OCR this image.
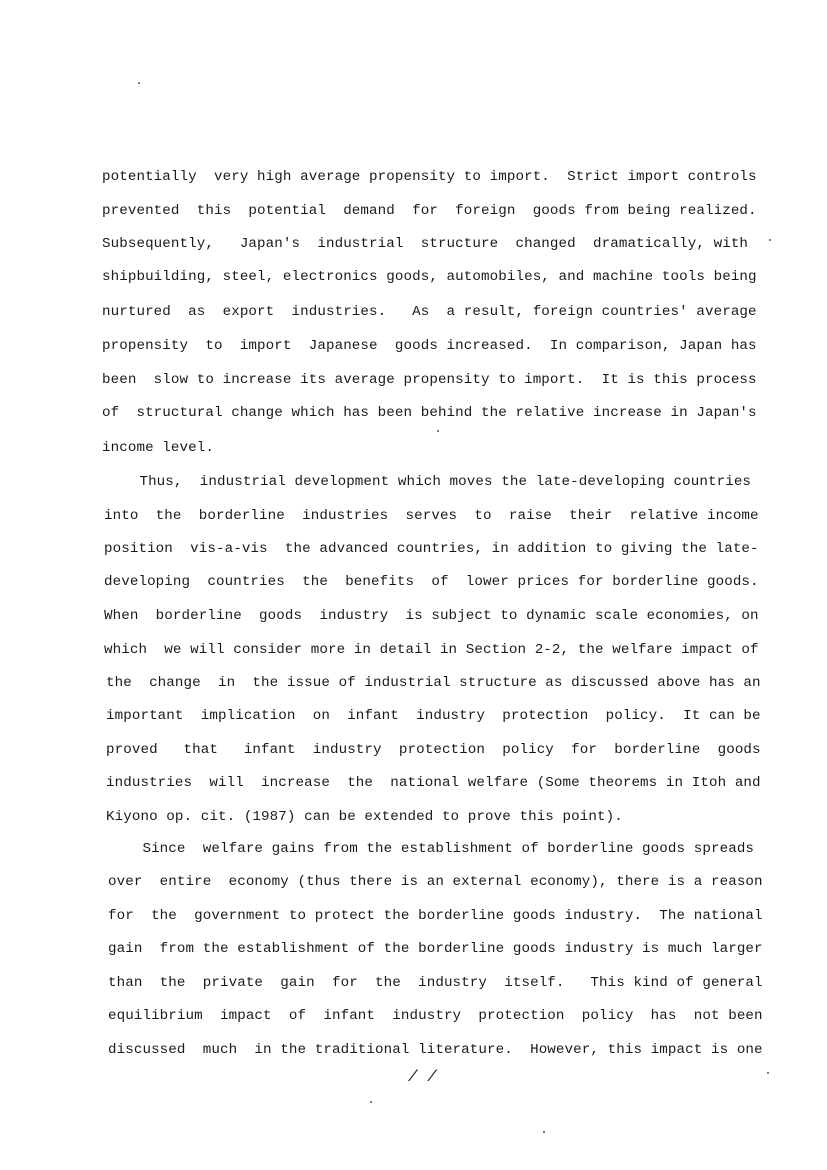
potentially  very high average propensity to import.  Strict import controls
prevented  this  potential  demand  for  foreign  goods from being realized.
Subsequently,   Japan's  industrial  structure  changed  dramatically, with
shipbuilding, steel, electronics goods, automobiles, and machine tools being
nurtured  as  export  industries.   As  a result, foreign countries' average
propensity  to  import  Japanese  goods increased.  In comparison, Japan has
been  slow to increase its average propensity to import.  It is this process
of  structural change which has been behind the relative increase in Japan's
income level.
Thus,  industrial development which moves the late-developing countries
into  the  borderline  industries  serves  to  raise  their  relative income
position  vis-a-vis  the advanced countries, in addition to giving the late-
developing  countries  the  benefits  of  lower prices for borderline goods.
When  borderline  goods  industry  is subject to dynamic scale economies, on
which  we will consider more in detail in Section 2-2, the welfare impact of
the  change  in  the issue of industrial structure as discussed above has an
important  implication  on  infant  industry  protection  policy.  It can be
proved   that   infant  industry  protection  policy  for  borderline  goods
industries  will  increase  the  national welfare (Some theorems in Itoh and
Kiyono op. cit. (1987) can be extended to prove this point).
Since  welfare gains from the establishment of borderline goods spreads
over  entire  economy (thus there is an external economy), there is a reason
for  the  government to protect the borderline goods industry.  The national
gain  from the establishment of the borderline goods industry is much larger
than  the  private  gain  for  the  industry  itself.   This kind of general
equilibrium  impact  of  infant  industry  protection  policy  has  not been
discussed  much  in the traditional literature.  However, this impact is one
/ /
